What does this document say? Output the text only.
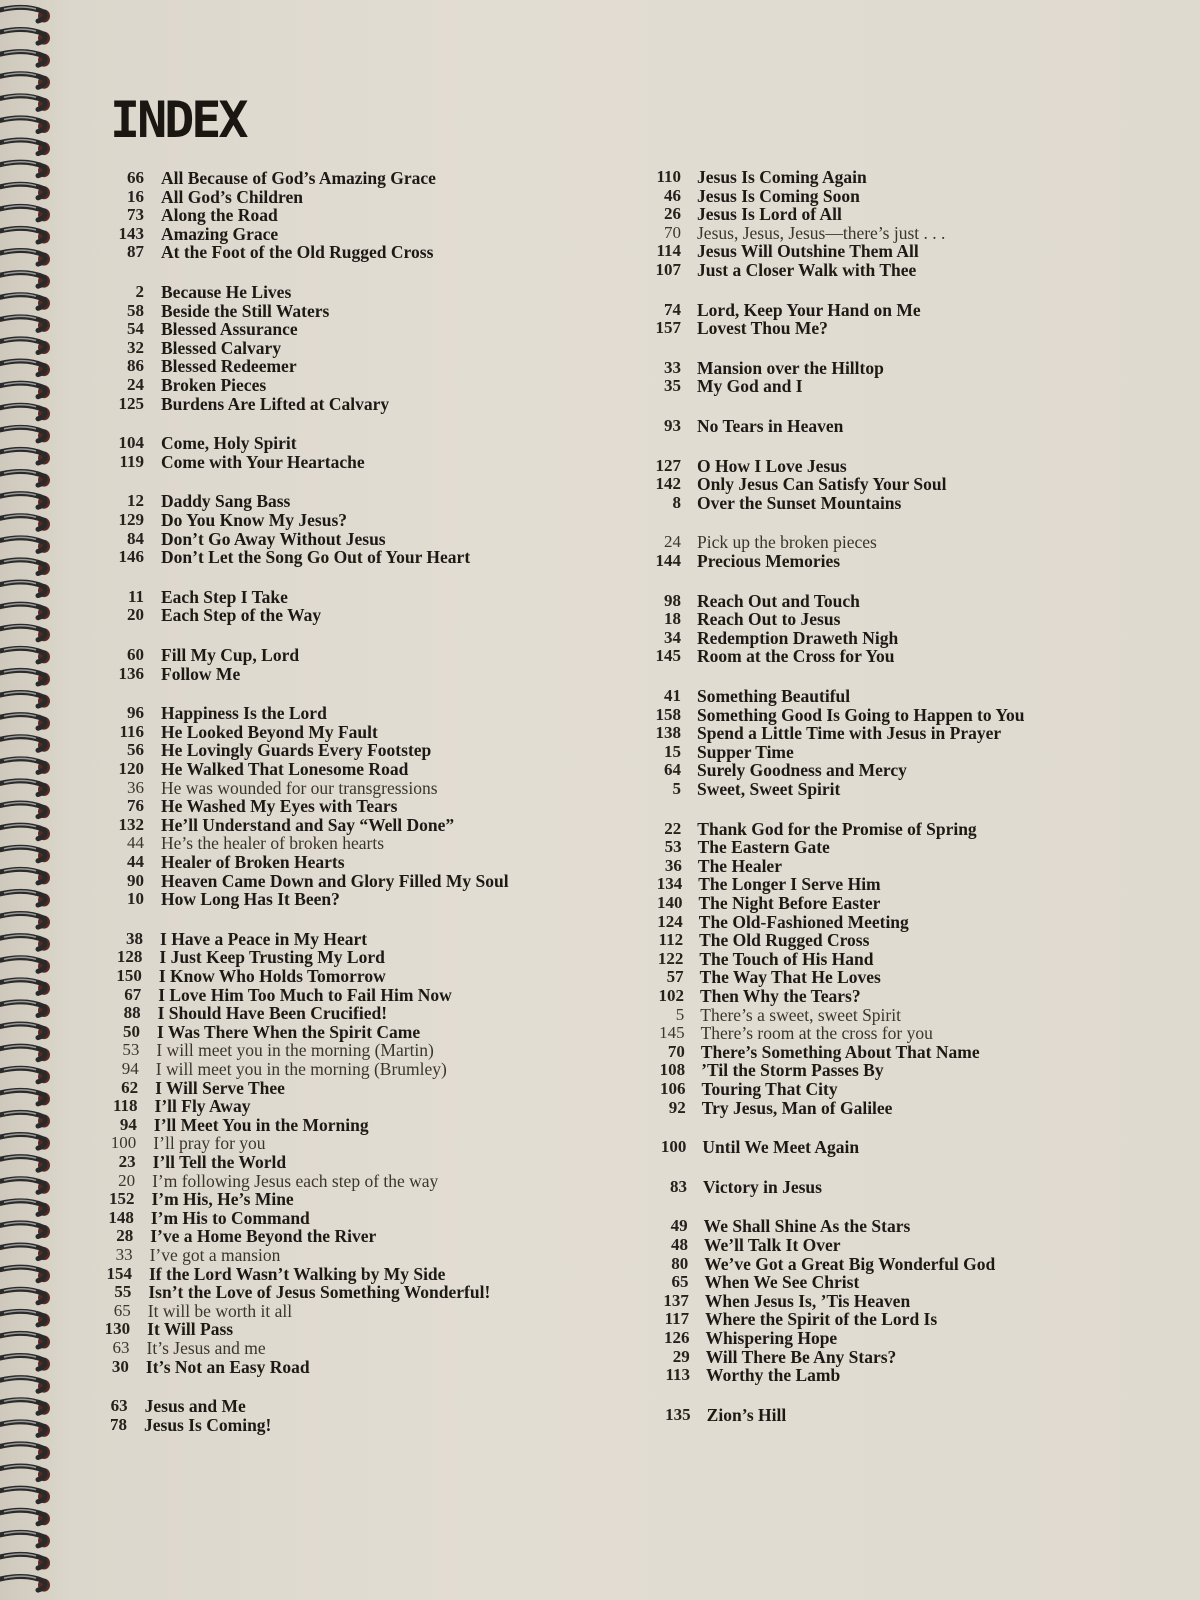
INDEX
66 All Because of God’s Amazing Grace
16 All God’s Children
73 Along the Road
143 Amazing Grace
87 At the Foot of the Old Rugged Cross
2 Because He Lives
58 Beside the Still Waters
54 Blessed Assurance
32 Blessed Calvary
86 Blessed Redeemer
24 Broken Pieces
125 Burdens Are Lifted at Calvary
104 Come, Holy Spirit
119 Come with Your Heartache
12 Daddy Sang Bass
129 Do You Know My Jesus?
84 Don’t Go Away Without Jesus
146 Don’t Let the Song Go Out of Your Heart
11 Each Step I Take
20 Each Step of the Way
60 Fill My Cup, Lord
136 Follow Me
96 Happiness Is the Lord
116 He Looked Beyond My Fault
56 He Lovingly Guards Every Footstep
120 He Walked That Lonesome Road
36 He was wounded for our transgressions
76 He Washed My Eyes with Tears
132 He’ll Understand and Say “Well Done”
44 He’s the healer of broken hearts
44 Healer of Broken Hearts
90 Heaven Came Down and Glory Filled My Soul
10 How Long Has It Been?
38 I Have a Peace in My Heart
128 I Just Keep Trusting My Lord
150 I Know Who Holds Tomorrow
67 I Love Him Too Much to Fail Him Now
88 I Should Have Been Crucified!
50 I Was There When the Spirit Came
53 I will meet you in the morning (Martin)
94 I will meet you in the morning (Brumley)
62 I Will Serve Thee
118 I’ll Fly Away
94 I’ll Meet You in the Morning
100 I’ll pray for you
23 I’ll Tell the World
20 I’m following Jesus each step of the way
152 I’m His, He’s Mine
148 I’m His to Command
28 I’ve a Home Beyond the River
33 I’ve got a mansion
154 If the Lord Wasn’t Walking by My Side
55 Isn’t the Love of Jesus Something Wonderful!
65 It will be worth it all
130 It Will Pass
63 It’s Jesus and me
30 It’s Not an Easy Road
63 Jesus and Me
78 Jesus Is Coming!
110 Jesus Is Coming Again
46 Jesus Is Coming Soon
26 Jesus Is Lord of All
70 Jesus, Jesus, Jesus—there’s just . . .
114 Jesus Will Outshine Them All
107 Just a Closer Walk with Thee
74 Lord, Keep Your Hand on Me
157 Lovest Thou Me?
33 Mansion over the Hilltop
35 My God and I
93 No Tears in Heaven
127 O How I Love Jesus
142 Only Jesus Can Satisfy Your Soul
8 Over the Sunset Mountains
24 Pick up the broken pieces
144 Precious Memories
98 Reach Out and Touch
18 Reach Out to Jesus
34 Redemption Draweth Nigh
145 Room at the Cross for You
41 Something Beautiful
158 Something Good Is Going to Happen to You
138 Spend a Little Time with Jesus in Prayer
15 Supper Time
64 Surely Goodness and Mercy
5 Sweet, Sweet Spirit
22 Thank God for the Promise of Spring
53 The Eastern Gate
36 The Healer
134 The Longer I Serve Him
140 The Night Before Easter
124 The Old-Fashioned Meeting
112 The Old Rugged Cross
122 The Touch of His Hand
57 The Way That He Loves
102 Then Why the Tears?
5 There’s a sweet, sweet Spirit
145 There’s room at the cross for you
70 There’s Something About That Name
108 ’Til the Storm Passes By
106 Touring That City
92 Try Jesus, Man of Galilee
100 Until We Meet Again
83 Victory in Jesus
49 We Shall Shine As the Stars
48 We’ll Talk It Over
80 We’ve Got a Great Big Wonderful God
65 When We See Christ
137 When Jesus Is, ’Tis Heaven
117 Where the Spirit of the Lord Is
126 Whispering Hope
29 Will There Be Any Stars?
113 Worthy the Lamb
135 Zion’s Hill
